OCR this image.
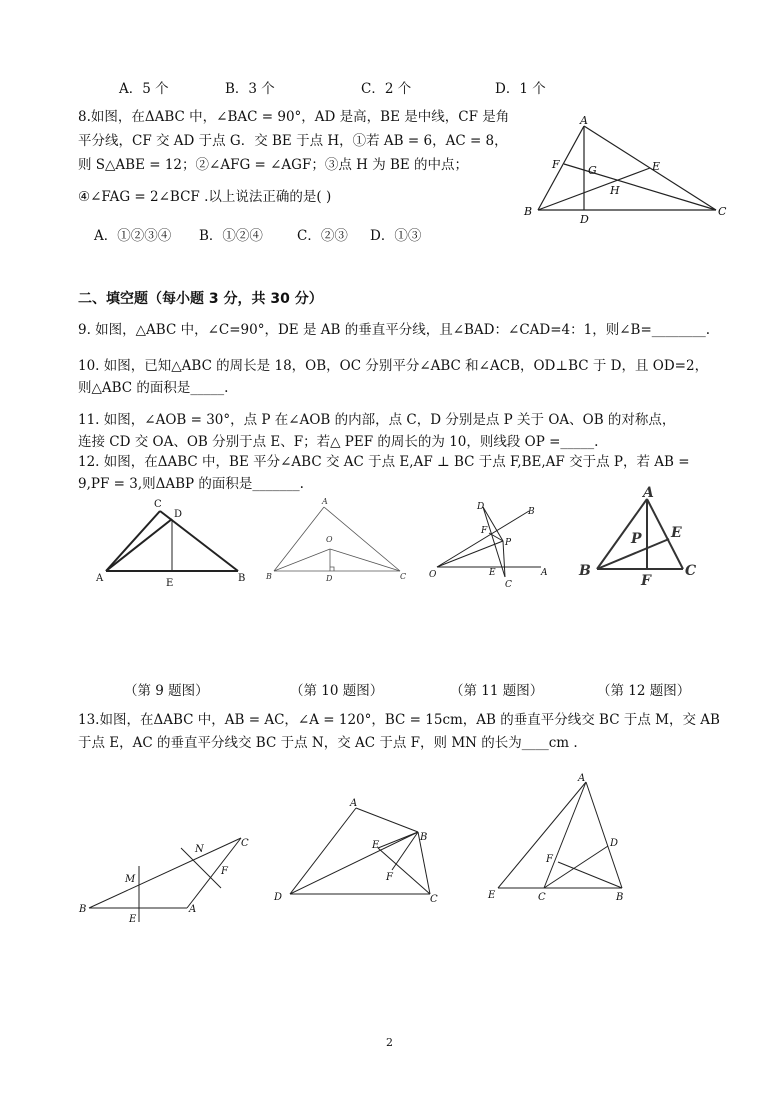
A．5 个	B．3 个	C．2 个	D．1 个
8.如图，在ΔABC 中，∠BAC = 90°，AD 是高，BE 是中线，CF 是角
平分线，CF 交 AD 于点 G．交 BE 于点 H，①若 AB = 6，AC = 8，
则 S△ABE = 12；②∠AFG = ∠AGF；③点 H 为 BE 的中点；
④∠FAG = 2∠BCF .以上说法正确的是( )
A．①②③④ B．①②④	C．②③ D．①③
A
F	G	E
H
B
D
C
二、填空题（每小题 3 分，共 30 分）
9. 如图，△ABC 中，∠C=90°，DE 是 AB 的垂直平分线，且∠BAD：∠CAD=4：1，则∠B=________.
10. 如图，已知△ABC 的周长是 18，OB，OC 分别平分∠ABC 和∠ACB，OD⊥BC 于 D，且 OD=2，
则△ABC 的面积是_____.
11. 如图，∠AOB = 30°，点 P 在∠AOB 的内部，点 C，D 分别是点 P 关于 OA、OB 的对称点，
连接 CD 交 OA、OB 分别于点 E、F；若△ PEF 的周长的为 10，则线段 OP =_____.
12. 如图，在ΔABC 中，BE 平分∠ABC 交 AC 于点 E,AF ⊥ BC 于点 F,BE,AF 交于点 P，若 AB =
9,PF = 3,则ΔABP 的面积是_______.
C
D
A	E	B
A
O
B	D	C
D	B
F
P
O	E
C
A
A
E
P
B
F
C
（第 9 题图）	（第 10 题图）	（第 11 题图）	（第 12 题图）
13.如图，在ΔABC 中，AB = AC，∠A = 120°，BC = 15cm，AB 的垂直平分线交 BC 于点 M，交 AB
于点 E，AC 的垂直平分线交 BC 于点 N，交 AC 于点 F，则 MN 的长为____cm .
C
N
F
M
B
E
A
A
E
B
F
D	C
A
D
F
E	C	B
2
